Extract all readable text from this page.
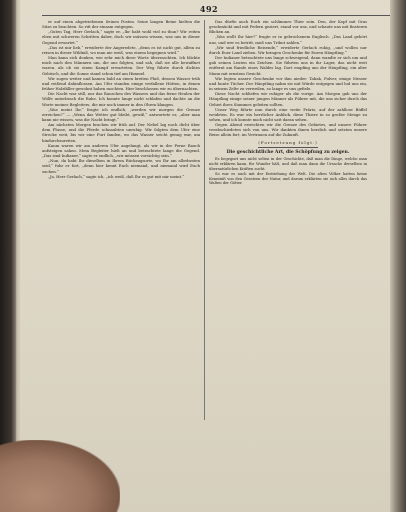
492

er auf einen abgetriebenen Seinen Posten. Seine langen Beine hielten die Sitze zu beachten. So ritt der einsam entgegen.

„Guten Tag, Herr Gerlach,“ sagte er, „Ihr habt wohl viel zu thun? Wir reiten eben mit schweren Schritten daher, doch wir müssen wissen, was uns in dieser Gegend erwartet.“

„Das ist mir lieb,“ erwiderte der Angeredete, „denn es ist nicht gut, allein zu reisen in dieser Wildniß, wo man nie weiß, was einem begegnen wird.“

Man kann sich denken, wie sehr mich diese Worte überraschten. Ich blickte mich nach den Männern um, die uns folgten, und sah, daß sie alle bewaffnet waren, als ob sie einen Kampf erwarteten. Der Weg führte durch dichtes Gebüsch, und die Sonne stand schon tief am Himmel.

Wir zogen weiter und kamen bald an einen breiten Fluß, dessen Wasser trüb und reißend dahinflossen. Am Ufer standen einige verfallene Hütten, in denen früher Holzfäller gewohnt haben mochten. Hier beschlossen wir zu übernachten.

Die Nacht war still, nur das Rauschen des Wassers und das ferne Heulen der Wölfe unterbrach die Ruhe. Ich konnte lange nicht schlafen und dachte an die Worte meines Begleiters, die mir noch immer in den Ohren klangen.

„Was meint Ihr,“ fragte ich endlich, „werden wir morgen die Grenze erreichen?“ — „Wenn das Wetter gut bleibt, gewiß,“ antwortete er, „aber man kann nie wissen, was die Nacht bringt.“

Am nächsten Morgen brachen wir früh auf. Der Nebel lag noch dicht über dem Flusse, und die Pferde schnaubten unruhig. Wir folgten dem Ufer eine Strecke weit, bis wir eine Furt fanden, wo das Wasser seicht genug war, um hindurchzureiten.

Kaum waren wir am anderen Ufer angelangt, als wir in der Ferne Rauch aufsteigen sahen. Mein Begleiter hielt an und betrachtete lange die Gegend. „Das sind Indianer,“ sagte er endlich, „wir müssen vorsichtig sein.“

„Nun, da habt Ihr dieselben in Ihrem Rückzugsorte, wo Ihr am allerbesten seid,“ fuhr er fort, „denn hier kennt Euch niemand, und niemand wird Euch suchen.“

„Ja, Herr Gerlach,“ sagte ich, „ich weiß, daß Ihr es gut mit mir meint.“

Das dürfte auch Euch ein schlimmes Thier sein. Den, der Kopf mit Gras geschmückt und mit Federn geziert, stand vor uns, und schaute uns mit finsteren Blicken an.

„Was wollt Ihr hier?“ fragte er in gebrochenem Englisch. „Das Land gehört uns, und wer es betritt, muß uns Tribut zahlen.“

„Wir sind friedliche Reisende,“ erwiderte Gerlach ruhig, „und wollen nur durch Euer Land ziehen. Wir bringen Geschenke für Euren Häuptling.“

Der Indianer betrachtete uns lange schweigend, dann wandte er sich um und gab seinen Leuten ein Zeichen. Sie führten uns in ihr Lager, das nicht weit entfernt am Rande eines Waldes lag. Dort empfing uns der Häuptling, ein alter Mann mit ernstem Gesicht.

Wir legten unsere Geschenke vor ihm nieder: Tabak, Pulver, einige Messer und bunte Tücher. Der Häuptling nahm sie mit Würde entgegen und lud uns ein, in seinem Zelte zu verweilen, so lange es uns gefiele.

Diese Nacht schliefen wir ruhiger als die vorige. Am Morgen gab uns der Häuptling einige seiner jungen Männer als Führer mit, die uns sicher durch das Gebiet ihres Stammes geleiten sollten.

Unser Weg führte nun durch eine weite Prärie, auf der zahllose Büffel weideten. Es war ein herrlicher Anblick, diese Thiere in so großer Menge zu sehen, und ich konnte mich nicht satt daran sehen.

Gegen Abend erreichten wir die Grenze des Gebietes, und unsere Führer verabschiedeten sich von uns. Wir dankten ihnen herzlich und setzten unsere Reise allein fort, im Vertrauen auf die Zukunft.

(Fortsetzung folgt.)
Die geschichtliche Art, die Schöpfung zu zeigen.

Es begegnet uns nicht selten in der Geschichte, daß man die Dinge, welche man nicht erklären kann, für Wunder hält, und daß man dann die Ursache derselben in übernatürlichen Kräften sucht.

So war es auch mit der Entstehung der Welt. Die alten Völker hatten keine Kenntniß von den Gesetzen der Natur, und darum erklärten sie sich alles durch das Walten der Götter.
